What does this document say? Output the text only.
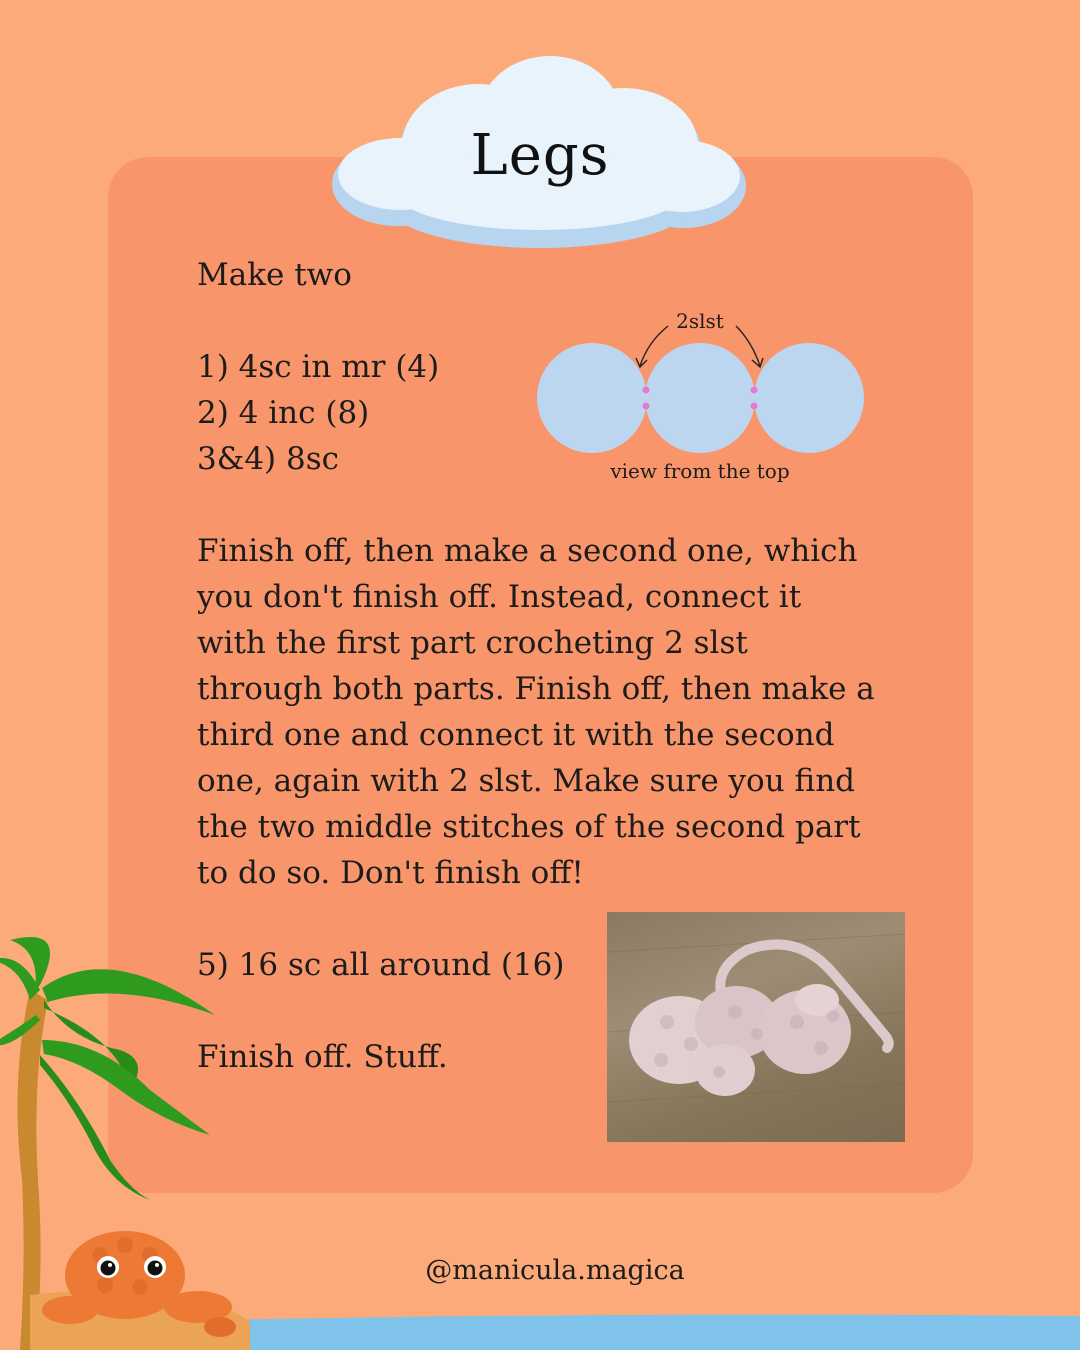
Legs

Make two

1) 4sc in mr (4)

2) 4 inc (8)

3&4) 8sc

2slst
view from the top

Finish off, then make a second one, which you don't finish off. Instead, connect it with the first part crocheting 2 slst through both parts. Finish off, then make a third one and connect it with the second one, again with 2 slst. Make sure you find the two middle stitches of the second part to do so. Don't finish off!

5) 16 sc all around (16)

Finish off. Stuff.

@manicula.magica
